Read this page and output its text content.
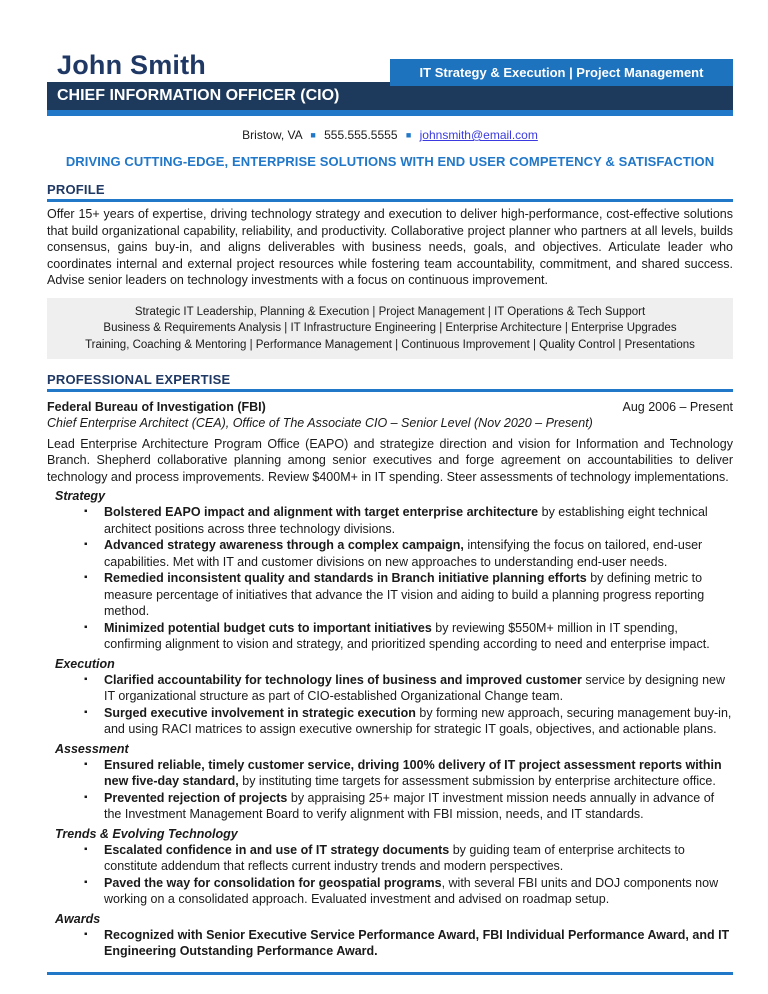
John Smith	IT Strategy & Execution | Project Management
CHIEF INFORMATION OFFICER (CIO)
Bristow, VA ■ 555.555.5555 ■ johnsmith@email.com
DRIVING CUTTING-EDGE, ENTERPRISE SOLUTIONS WITH END USER COMPETENCY & SATISFACTION
PROFILE

Offer 15+ years of expertise, driving technology strategy and execution to deliver high-performance, cost-effective solutions that build organizational capability, reliability, and productivity. Collaborative project planner who partners at all levels, builds consensus, gains buy-in, and aligns deliverables with business needs, goals, and objectives. Articulate leader who coordinates internal and external project resources while fostering team accountability, commitment, and shared success. Advise senior leaders on technology investments with a focus on continuous improvement.

Strategic IT Leadership, Planning & Execution | Project Management | IT Operations & Tech Support
Business & Requirements Analysis | IT Infrastructure Engineering | Enterprise Architecture | Enterprise Upgrades
Training, Coaching & Mentoring | Performance Management | Continuous Improvement | Quality Control | Presentations
PROFESSIONAL EXPERTISE
Federal Bureau of Investigation (FBI)	Aug 2006 – Present
Chief Enterprise Architect (CEA), Office of The Associate CIO – Senior Level (Nov 2020 – Present)

Lead Enterprise Architecture Program Office (EAPO) and strategize direction and vision for Information and Technology Branch. Shepherd collaborative planning among senior executives and forge agreement on accountabilities to deliver technology and process improvements. Review $400M+ in IT spending. Steer assessments of technology implementations.

Strategy
▪	Bolstered EAPO impact and alignment with target enterprise architecture by establishing eight technical architect positions across three technology divisions.
▪	Advanced strategy awareness through a complex campaign, intensifying the focus on tailored, end-user capabilities. Met with IT and customer divisions on new approaches to understanding end-user needs.
▪	Remedied inconsistent quality and standards in Branch initiative planning efforts by defining metric to measure percentage of initiatives that advance the IT vision and aiding to build a planning progress reporting method.
▪	Minimized potential budget cuts to important initiatives by reviewing $550M+ million in IT spending, confirming alignment to vision and strategy, and prioritized spending according to need and enterprise impact.
Execution
▪	Clarified accountability for technology lines of business and improved customer service by designing new IT organizational structure as part of CIO-established Organizational Change team.
▪	Surged executive involvement in strategic execution by forming new approach, securing management buy-in, and using RACI matrices to assign executive ownership for strategic IT goals, objectives, and actionable plans.
Assessment
▪	Ensured reliable, timely customer service, driving 100% delivery of IT project assessment reports within new five-day standard, by instituting time targets for assessment submission by enterprise architecture office.
▪	Prevented rejection of projects by appraising 25+ major IT investment mission needs annually in advance of the Investment Management Board to verify alignment with FBI mission, needs, and IT standards.
Trends & Evolving Technology
▪	Escalated confidence in and use of IT strategy documents by guiding team of enterprise architects to constitute addendum that reflects current industry trends and modern perspectives.
▪	Paved the way for consolidation for geospatial programs, with several FBI units and DOJ components now working on a consolidated approach. Evaluated investment and advised on roadmap setup.
Awards
▪	Recognized with Senior Executive Service Performance Award, FBI Individual Performance Award, and IT Engineering Outstanding Performance Award.
